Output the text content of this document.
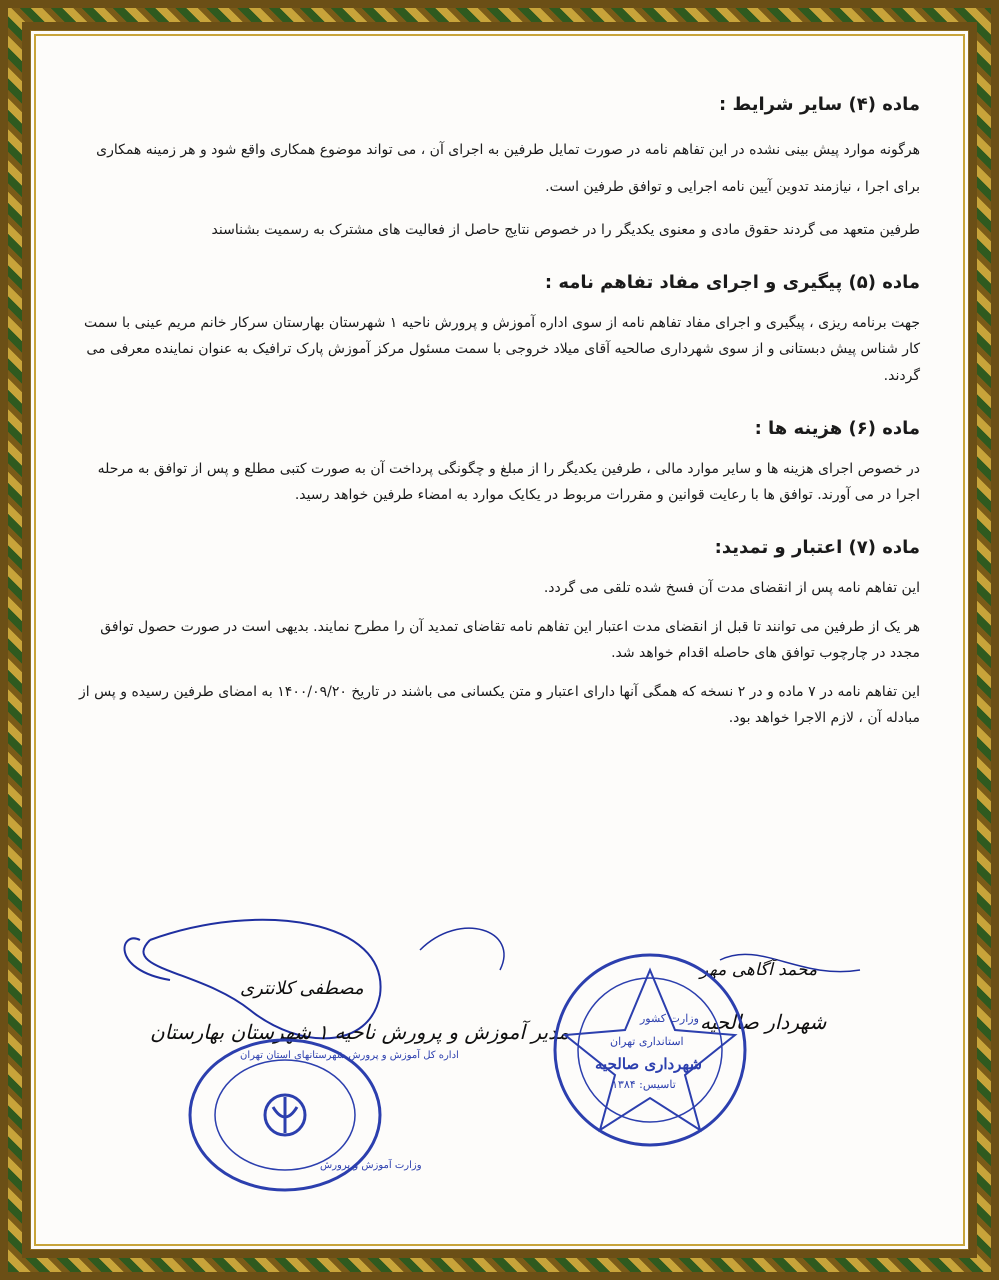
ماده (۴) سایر شرایط :

هرگونه موارد پیش بینی نشده در این تفاهم نامه در صورت تمایل طرفین به اجرای آن ، می تواند موضوع همکاری واقع شود و هر زمینه همکاری برای اجرا ، نیازمند تدوین آیین نامه اجرایی و توافق طرفین است.

طرفین متعهد می گردند حقوق مادی و معنوی یکدیگر را در خصوص نتایج حاصل از فعالیت های مشترک به رسمیت بشناسند

ماده (۵) پیگیری و اجرای مفاد تفاهم نامه :

جهت برنامه ریزی ، پیگیری و اجرای مفاد تفاهم نامه از سوی اداره آموزش و پرورش ناحیه ۱ شهرستان بهارستان سرکار خانم مریم عینی با سمت کار شناس پیش دبستانی و از سوی شهرداری صالحیه آقای میلاد خروجی با سمت مسئول مرکز آموزش پارک ترافیک به عنوان نماینده معرفی می گردند.

ماده (۶) هزینه ها :

در خصوص اجرای هزینه ها و سایر موارد مالی ، طرفین یکدیگر را از مبلغ و چگونگی پرداخت آن به صورت کتبی مطلع و پس از توافق به مرحله اجرا در می آورند. توافق ها با رعایت قوانین و مقررات مربوط در یکایک موارد به امضاء طرفین خواهد رسید.

ماده (۷) اعتبار و تمدید:

این تفاهم نامه پس از انقضای مدت آن فسخ شده تلقی می گردد.

هر یک از طرفین می توانند تا قبل از انقضای مدت اعتبار این تفاهم نامه تقاضای تمدید آن را مطرح نمایند. بدیهی است در صورت حصول توافق مجدد در چارچوب توافق های حاصله اقدام خواهد شد.

این تفاهم نامه در ۷ ماده و در ۲ نسخه که همگی آنها دارای اعتبار و متن یکسانی می باشند در تاریخ ۱۴۰۰/۰۹/۲۰ به امضای طرفین رسیده و پس از مبادله آن ، لازم الاجرا خواهد بود.

مصطفی کلانتری
مدیر آموزش و پرورش ناحیه ۱ شهرستان بهارستان
محمد آگاهی مهر
شهردار صالحیه
اداره کل آموزش و پرورش شهرستانهای استان تهران
وزارت آموزش و پرورش
وزارت کشور
استانداری تهران
شهرداری صالحیه
تاسیس: ۱۳۸۴
